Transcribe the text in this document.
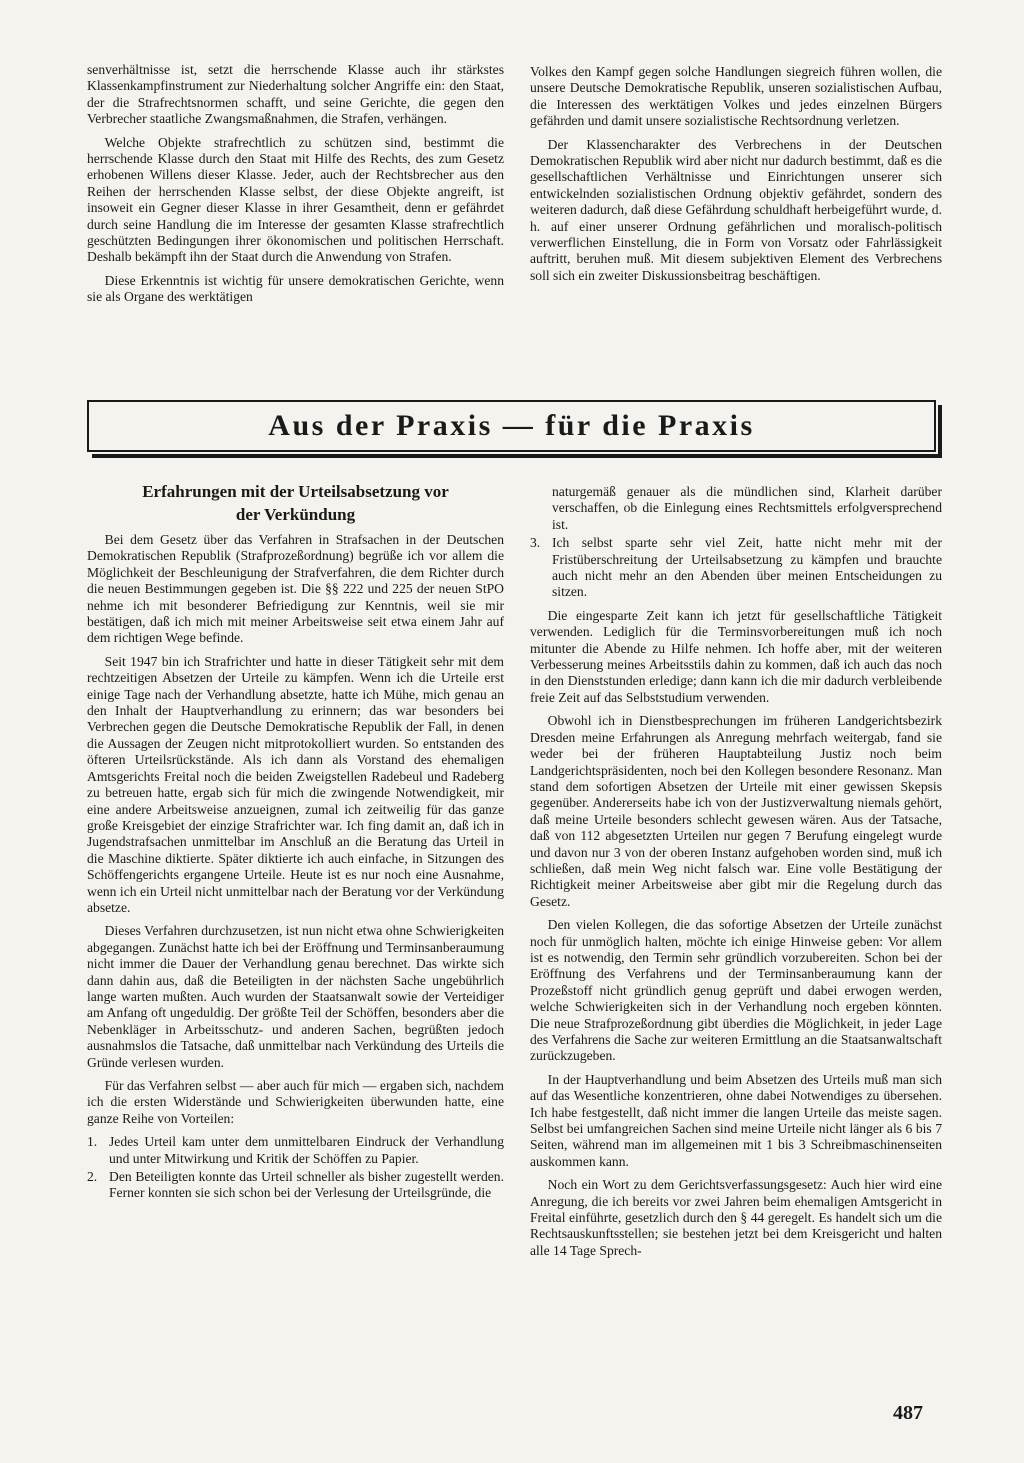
senverhältnisse ist, setzt die herrschende Klasse auch ihr stärkstes Klassenkampfinstrument zur Niederhaltung solcher Angriffe ein: den Staat, der die Strafrechtsnormen schafft, und seine Gerichte, die gegen den Verbrecher staatliche Zwangsmaßnahmen, die Strafen, verhängen.

Welche Objekte strafrechtlich zu schützen sind, bestimmt die herrschende Klasse durch den Staat mit Hilfe des Rechts, des zum Gesetz erhobenen Willens dieser Klasse. Jeder, auch der Rechtsbrecher aus den Reihen der herrschenden Klasse selbst, der diese Objekte angreift, ist insoweit ein Gegner dieser Klasse in ihrer Gesamtheit, denn er gefährdet durch seine Handlung die im Interesse der gesamten Klasse strafrechtlich geschützten Bedingungen ihrer ökonomischen und politischen Herrschaft. Deshalb bekämpft ihn der Staat durch die Anwendung von Strafen.

Diese Erkenntnis ist wichtig für unsere demokratischen Gerichte, wenn sie als Organe des werktätigen

Volkes den Kampf gegen solche Handlungen siegreich führen wollen, die unsere Deutsche Demokratische Republik, unseren sozialistischen Aufbau, die Interessen des werktätigen Volkes und jedes einzelnen Bürgers gefährden und damit unsere sozialistische Rechtsordnung verletzen.

Der Klassencharakter des Verbrechens in der Deutschen Demokratischen Republik wird aber nicht nur dadurch bestimmt, daß es die gesellschaftlichen Verhältnisse und Einrichtungen unserer sich entwickelnden sozialistischen Ordnung objektiv gefährdet, sondern des weiteren dadurch, daß diese Gefährdung schuldhaft herbeigeführt wurde, d. h. auf einer unserer Ordnung gefährlichen und moralisch-politisch verwerflichen Einstellung, die in Form von Vorsatz oder Fahrlässigkeit auftritt, beruhen muß. Mit diesem subjektiven Element des Verbrechens soll sich ein zweiter Diskussionsbeitrag beschäftigen.

Aus der Praxis — für die Praxis
Erfahrungen mit der Urteilsabsetzung vor
der Verkündung

Bei dem Gesetz über das Verfahren in Strafsachen in der Deutschen Demokratischen Republik (Strafprozeßordnung) begrüße ich vor allem die Möglichkeit der Beschleunigung der Strafverfahren, die dem Richter durch die neuen Bestimmungen gegeben ist. Die §§ 222 und 225 der neuen StPO nehme ich mit besonderer Befriedigung zur Kenntnis, weil sie mir bestätigen, daß ich mich mit meiner Arbeitsweise seit etwa einem Jahr auf dem richtigen Wege befinde.

Seit 1947 bin ich Strafrichter und hatte in dieser Tätigkeit sehr mit dem rechtzeitigen Absetzen der Urteile zu kämpfen. Wenn ich die Urteile erst einige Tage nach der Verhandlung absetzte, hatte ich Mühe, mich genau an den Inhalt der Hauptverhandlung zu erinnern; das war besonders bei Verbrechen gegen die Deutsche Demokratische Republik der Fall, in denen die Aussagen der Zeugen nicht mitprotokolliert wurden. So entstanden des öfteren Urteilsrückstände. Als ich dann als Vorstand des ehemaligen Amtsgerichts Freital noch die beiden Zweigstellen Radebeul und Radeberg zu betreuen hatte, ergab sich für mich die zwingende Notwendigkeit, mir eine andere Arbeitsweise anzueignen, zumal ich zeitweilig für das ganze große Kreisgebiet der einzige Strafrichter war. Ich fing damit an, daß ich in Jugendstrafsachen unmittelbar im Anschluß an die Beratung das Urteil in die Maschine diktierte. Später diktierte ich auch einfache, in Sitzungen des Schöffengerichts ergangene Urteile. Heute ist es nur noch eine Ausnahme, wenn ich ein Urteil nicht unmittelbar nach der Beratung vor der Verkündung absetze.

Dieses Verfahren durchzusetzen, ist nun nicht etwa ohne Schwierigkeiten abgegangen. Zunächst hatte ich bei der Eröffnung und Terminsanberaumung nicht immer die Dauer der Verhandlung genau berechnet. Das wirkte sich dann dahin aus, daß die Beteiligten in der nächsten Sache ungebührlich lange warten mußten. Auch wurden der Staatsanwalt sowie der Verteidiger am Anfang oft ungeduldig. Der größte Teil der Schöffen, besonders aber die Nebenkläger in Arbeitsschutz- und anderen Sachen, begrüßten jedoch ausnahmslos die Tatsache, daß unmittelbar nach Verkündung des Urteils die Gründe verlesen wurden.

Für das Verfahren selbst — aber auch für mich — ergaben sich, nachdem ich die ersten Widerstände und Schwierigkeiten überwunden hatte, eine ganze Reihe von Vorteilen:

1. Jedes Urteil kam unter dem unmittelbaren Eindruck der Verhandlung und unter Mitwirkung und Kritik der Schöffen zu Papier.
2. Den Beteiligten konnte das Urteil schneller als bisher zugestellt werden. Ferner konnten sie sich schon bei der Verlesung der Urteilsgründe, die
naturgemäß genauer als die mündlichen sind, Klarheit darüber verschaffen, ob die Einlegung eines Rechtsmittels erfolgversprechend ist.
3. Ich selbst sparte sehr viel Zeit, hatte nicht mehr mit der Fristüberschreitung der Urteilsabsetzung zu kämpfen und brauchte auch nicht mehr an den Abenden über meinen Entscheidungen zu sitzen.

Die eingesparte Zeit kann ich jetzt für gesellschaftliche Tätigkeit verwenden. Lediglich für die Terminsvorbereitungen muß ich noch mitunter die Abende zu Hilfe nehmen. Ich hoffe aber, mit der weiteren Verbesserung meines Arbeitsstils dahin zu kommen, daß ich auch das noch in den Dienststunden erledige; dann kann ich die mir dadurch verbleibende freie Zeit auf das Selbststudium verwenden.

Obwohl ich in Dienstbesprechungen im früheren Landgerichtsbezirk Dresden meine Erfahrungen als Anregung mehrfach weitergab, fand sie weder bei der früheren Hauptabteilung Justiz noch beim Landgerichtspräsidenten, noch bei den Kollegen besondere Resonanz. Man stand dem sofortigen Absetzen der Urteile mit einer gewissen Skepsis gegenüber. Andererseits habe ich von der Justizverwaltung niemals gehört, daß meine Urteile besonders schlecht gewesen wären. Aus der Tatsache, daß von 112 abgesetzten Urteilen nur gegen 7 Berufung eingelegt wurde und davon nur 3 von der oberen Instanz aufgehoben worden sind, muß ich schließen, daß mein Weg nicht falsch war. Eine volle Bestätigung der Richtigkeit meiner Arbeitsweise aber gibt mir die Regelung durch das Gesetz.

Den vielen Kollegen, die das sofortige Absetzen der Urteile zunächst noch für unmöglich halten, möchte ich einige Hinweise geben: Vor allem ist es notwendig, den Termin sehr gründlich vorzubereiten. Schon bei der Eröffnung des Verfahrens und der Terminsanberaumung kann der Prozeßstoff nicht gründlich genug geprüft und dabei erwogen werden, welche Schwierigkeiten sich in der Verhandlung noch ergeben könnten. Die neue Strafprozeßordnung gibt überdies die Möglichkeit, in jeder Lage des Verfahrens die Sache zur weiteren Ermittlung an die Staatsanwaltschaft zurückzugeben.

In der Hauptverhandlung und beim Absetzen des Urteils muß man sich auf das Wesentliche konzentrieren, ohne dabei Notwendiges zu übersehen. Ich habe festgestellt, daß nicht immer die langen Urteile das meiste sagen. Selbst bei umfangreichen Sachen sind meine Urteile nicht länger als 6 bis 7 Seiten, während man im allgemeinen mit 1 bis 3 Schreibmaschinenseiten auskommen kann.

Noch ein Wort zu dem Gerichtsverfassungsgesetz: Auch hier wird eine Anregung, die ich bereits vor zwei Jahren beim ehemaligen Amtsgericht in Freital einführte, gesetzlich durch den § 44 geregelt. Es handelt sich um die Rechtsauskunftsstellen; sie bestehen jetzt bei dem Kreisgericht und halten alle 14 Tage Sprech-

487
